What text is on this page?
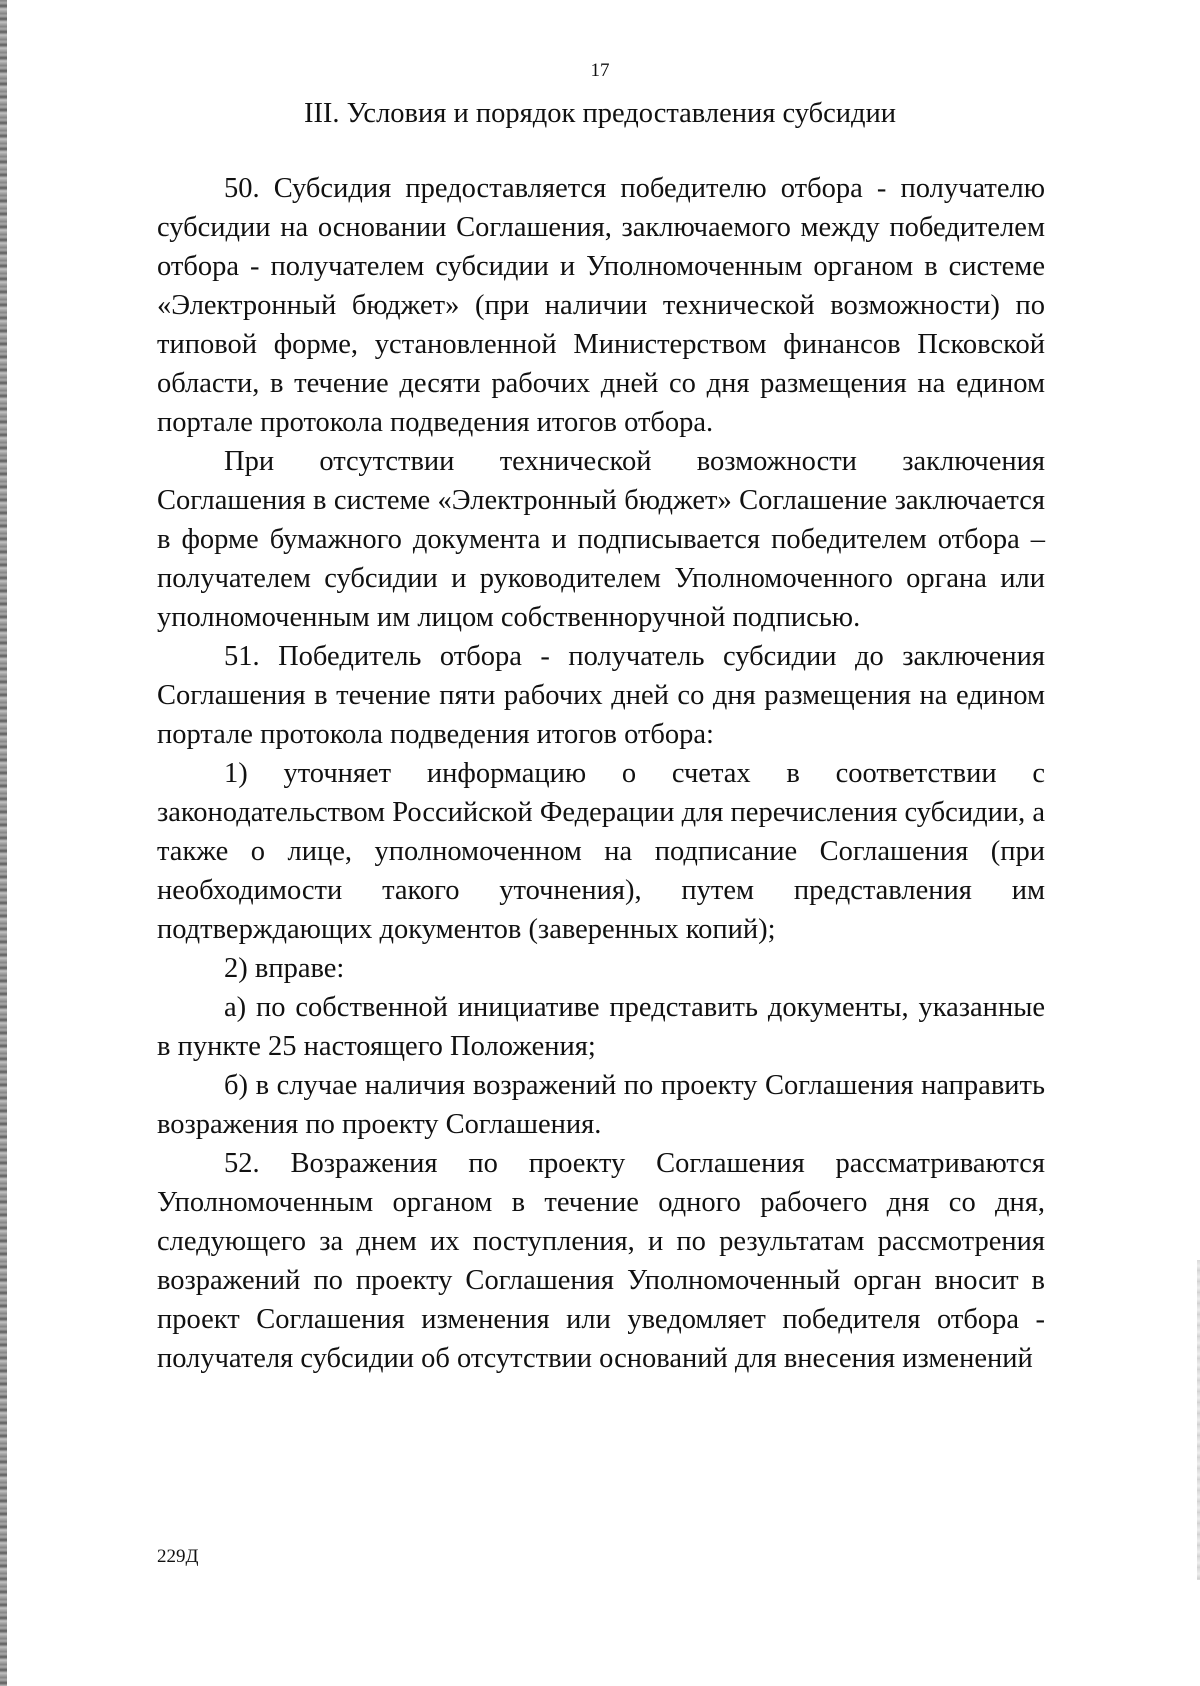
17
III. Условия и порядок предоставления субсидии

50. Субсидия предоставляется победителю отбора - получателю субсидии на основании Соглашения, заключаемого между победителем отбора - получателем субсидии и Уполномоченным органом в системе «Электронный бюджет» (при наличии технической возможности) по типовой форме, установленной Министерством финансов Псковской области, в течение десяти рабочих дней со дня размещения на едином портале протокола подведения итогов отбора.

При отсутствии технической возможности заключения Соглашения в системе «Электронный бюджет» Соглашение заключается в форме бумажного документа и подписывается победителем отбора – получателем субсидии и руководителем Уполномоченного органа или уполномоченным им лицом собственноручной подписью.

51. Победитель отбора - получатель субсидии до заключения Соглашения в течение пяти рабочих дней со дня размещения на едином портале протокола подведения итогов отбора:

1) уточняет информацию о счетах в соответствии с законодательством Российской Федерации для перечисления субсидии, а также о лице, уполномоченном на подписание Соглашения (при необходимости такого уточнения), путем представления им подтверждающих документов (заверенных копий);

2) вправе:

а) по собственной инициативе представить документы, указанные в пункте 25 настоящего Положения;

б) в случае наличия возражений по проекту Соглашения направить возражения по проекту Соглашения.

52. Возражения по проекту Соглашения рассматриваются Уполномоченным органом в течение одного рабочего дня со дня, следующего за днем их поступления, и по результатам рассмотрения возражений по проекту Соглашения Уполномоченный орган вносит в проект Соглашения изменения или уведомляет победителя отбора - получателя субсидии об отсутствии оснований для внесения изменений

229Д
